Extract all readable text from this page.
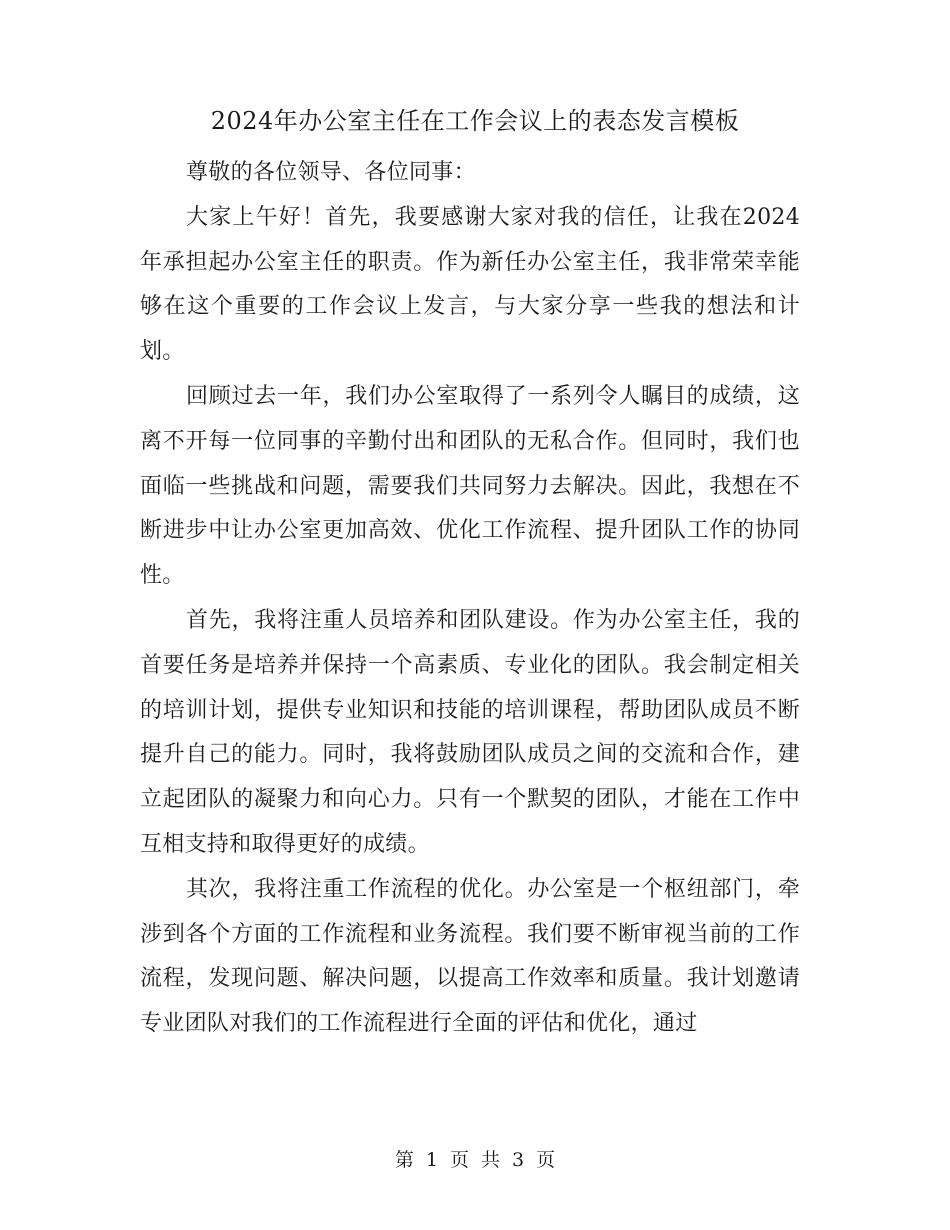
2024年办公室主任在工作会议上的表态发言模板

尊敬的各位领导、各位同事：

大家上午好！首先，我要感谢大家对我的信任，让我在2024年承担起办公室主任的职责。作为新任办公室主任，我非常荣幸能够在这个重要的工作会议上发言，与大家分享一些我的想法和计划。

回顾过去一年，我们办公室取得了一系列令人瞩目的成绩，这离不开每一位同事的辛勤付出和团队的无私合作。但同时，我们也面临一些挑战和问题，需要我们共同努力去解决。因此，我想在不断进步中让办公室更加高效、优化工作流程、提升团队工作的协同性。

首先，我将注重人员培养和团队建设。作为办公室主任，我的首要任务是培养并保持一个高素质、专业化的团队。我会制定相关的培训计划，提供专业知识和技能的培训课程，帮助团队成员不断提升自己的能力。同时，我将鼓励团队成员之间的交流和合作，建立起团队的凝聚力和向心力。只有一个默契的团队，才能在工作中互相支持和取得更好的成绩。

其次，我将注重工作流程的优化。办公室是一个枢纽部门，牵涉到各个方面的工作流程和业务流程。我们要不断审视当前的工作流程，发现问题、解决问题，以提高工作效率和质量。我计划邀请专业团队对我们的工作流程进行全面的评估和优化，通过

第 1 页 共 3 页
